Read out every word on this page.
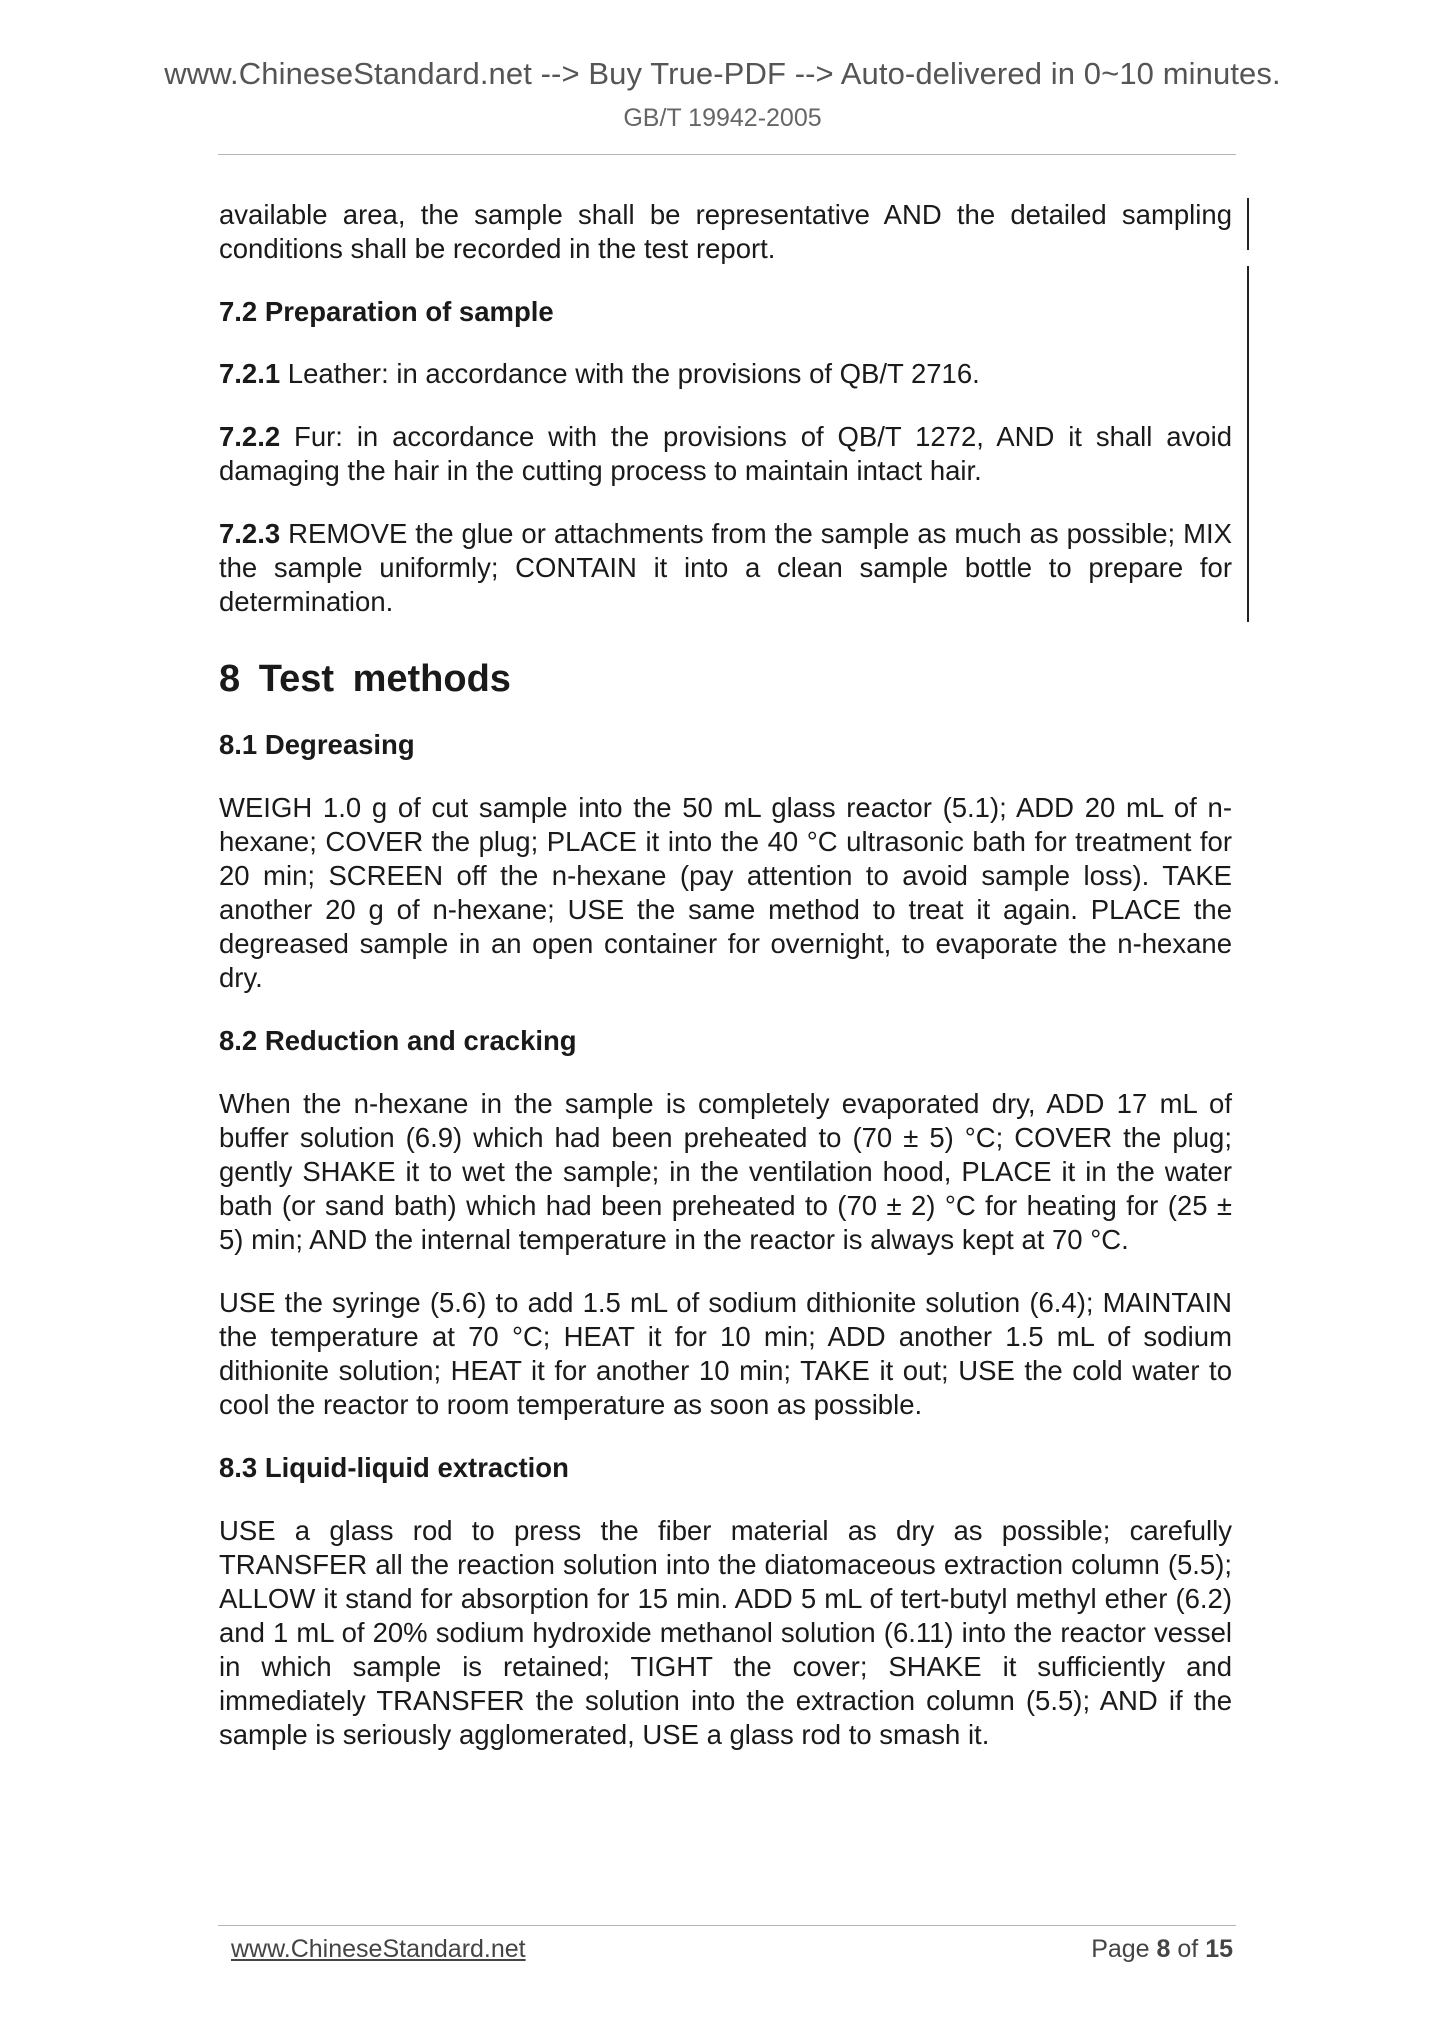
www.ChineseStandard.net --> Buy True-PDF --> Auto-delivered in 0~10 minutes.
GB/T 19942-2005

available area, the sample shall be representative AND the detailed sampling conditions shall be recorded in the test report.

7.2 Preparation of sample

7.2.1 Leather: in accordance with the provisions of QB/T 2716.

7.2.2 Fur: in accordance with the provisions of QB/T 1272, AND it shall avoid damaging the hair in the cutting process to maintain intact hair.

7.2.3 REMOVE the glue or attachments from the sample as much as possible; MIX the sample uniformly; CONTAIN it into a clean sample bottle to prepare for determination.

8 Test methods

8.1 Degreasing

WEIGH 1.0 g of cut sample into the 50 mL glass reactor (5.1); ADD 20 mL of n-hexane; COVER the plug; PLACE it into the 40 °C ultrasonic bath for treatment for 20 min; SCREEN off the n-hexane (pay attention to avoid sample loss). TAKE another 20 g of n-hexane; USE the same method to treat it again. PLACE the degreased sample in an open container for overnight, to evaporate the n-hexane dry.

8.2 Reduction and cracking

When the n-hexane in the sample is completely evaporated dry, ADD 17 mL of buffer solution (6.9) which had been preheated to (70 ± 5) °C; COVER the plug; gently SHAKE it to wet the sample; in the ventilation hood, PLACE it in the water bath (or sand bath) which had been preheated to (70 ± 2) °C for heating for (25 ± 5) min; AND the internal temperature in the reactor is always kept at 70 °C.

USE the syringe (5.6) to add 1.5 mL of sodium dithionite solution (6.4); MAINTAIN the temperature at 70 °C; HEAT it for 10 min; ADD another 1.5 mL of sodium dithionite solution; HEAT it for another 10 min; TAKE it out; USE the cold water to cool the reactor to room temperature as soon as possible.

8.3 Liquid-liquid extraction

USE a glass rod to press the fiber material as dry as possible; carefully TRANSFER all the reaction solution into the diatomaceous extraction column (5.5); ALLOW it stand for absorption for 15 min. ADD 5 mL of tert-butyl methyl ether (6.2) and 1 mL of 20% sodium hydroxide methanol solution (6.11) into the reactor vessel in which sample is retained; TIGHT the cover; SHAKE it sufficiently and immediately TRANSFER the solution into the extraction column (5.5); AND if the sample is seriously agglomerated, USE a glass rod to smash it.

www.ChineseStandard.net	Page 8 of 15
